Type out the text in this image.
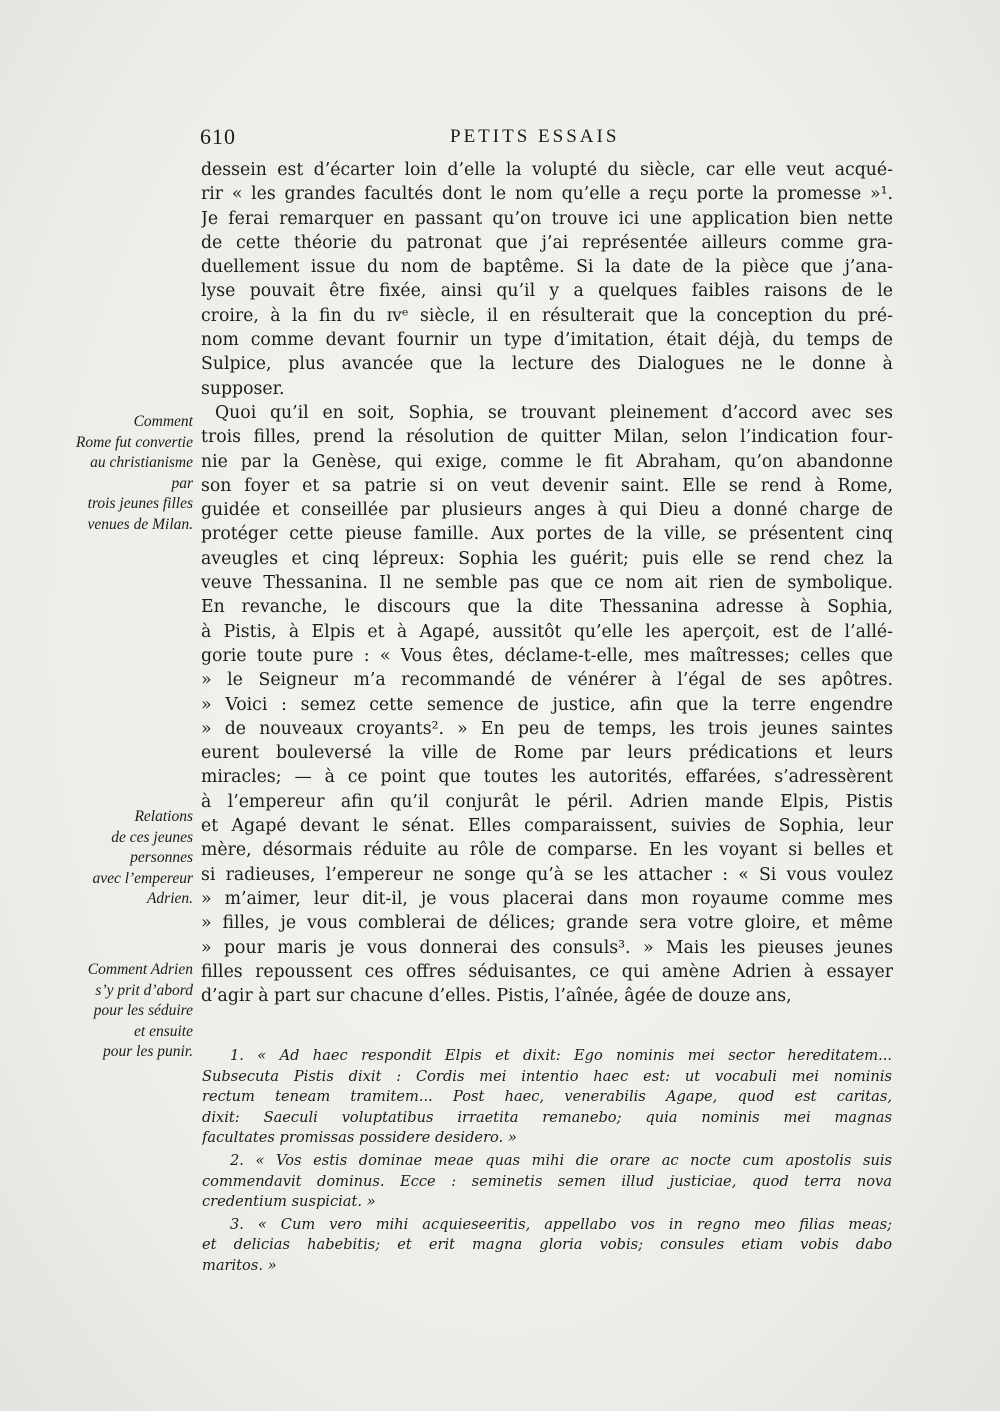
610	PETITS ESSAIS
dessein est d’écarter loin d’elle la volupté du siècle, car elle veut acqué-
rir « les grandes facultés dont le nom qu’elle a reçu porte la promesse »¹.
Je ferai remarquer en passant qu’on trouve ici une application bien nette
de cette théorie du patronat que j’ai représentée ailleurs comme gra-
duellement issue du nom de baptême. Si la date de la pièce que j’ana-
lyse pouvait être fixée, ainsi qu’il y a quelques faibles raisons de le
croire, à la fin du ɪᴠᵉ siècle, il en résulterait que la conception du pré-
nom comme devant fournir un type d’imitation, était déjà, du temps de
Sulpice, plus avancée que la lecture des Dialogues ne le donne à
supposer.
Quoi qu’il en soit, Sophia, se trouvant pleinement d’accord avec ses
trois filles, prend la résolution de quitter Milan, selon l’indication four-
nie par la Genèse, qui exige, comme le fit Abraham, qu’on abandonne
son foyer et sa patrie si on veut devenir saint. Elle se rend à Rome,
guidée et conseillée par plusieurs anges à qui Dieu a donné charge de
protéger cette pieuse famille. Aux portes de la ville, se présentent cinq
aveugles et cinq lépreux: Sophia les guérit; puis elle se rend chez la
veuve Thessanina. Il ne semble pas que ce nom ait rien de symbolique.
En revanche, le discours que la dite Thessanina adresse à Sophia,
à Pistis, à Elpis et à Agapé, aussitôt qu’elle les aperçoit, est de l’allé-
gorie toute pure : « Vous êtes, déclame-t-elle, mes maîtresses; celles que
» le Seigneur m’a recommandé de vénérer à l’égal de ses apôtres.
» Voici : semez cette semence de justice, afin que la terre engendre
» de nouveaux croyants². » En peu de temps, les trois jeunes saintes
eurent bouleversé la ville de Rome par leurs prédications et leurs
miracles; — à ce point que toutes les autorités, effarées, s’adressèrent
à l’empereur afin qu’il conjurât le péril. Adrien mande Elpis, Pistis
et Agapé devant le sénat. Elles comparaissent, suivies de Sophia, leur
mère, désormais réduite au rôle de comparse. En les voyant si belles et
si radieuses, l’empereur ne songe qu’à se les attacher : « Si vous voulez
» m’aimer, leur dit-il, je vous placerai dans mon royaume comme mes
» filles, je vous comblerai de délices; grande sera votre gloire, et même
» pour maris je vous donnerai des consuls³. » Mais les pieuses jeunes
filles repoussent ces offres séduisantes, ce qui amène Adrien à essayer
d’agir à part sur chacune d’elles. Pistis, l’aînée, âgée de douze ans,
Comment
Rome fut convertie
au christianisme
par
trois jeunes filles
venues de Milan.
Relations
de ces jeunes
personnes
avec l’empereur
Adrien.
Comment Adrien
s’y prit d’abord
pour les séduire
et ensuite
pour les punir.	1. « Ad haec respondit Elpis et dixit: Ego nominis mei sector hereditatem...
Subsecuta Pistis dixit : Cordis mei intentio haec est: ut vocabuli mei nominis
rectum teneam tramitem... Post haec, venerabilis Agape, quod est caritas,
dixit: Saeculi voluptatibus irraetita remanebo; quia nominis mei magnas
facultates promissas possidere desidero. »
2. « Vos estis dominae meae quas mihi die orare ac nocte cum apostolis suis
commendavit dominus. Ecce : seminetis semen illud justiciae, quod terra nova
credentium suspiciat. »
3. « Cum vero mihi acquieseeritis, appellabo vos in regno meo filias meas;
et delicias habebitis; et erit magna gloria vobis; consules etiam vobis dabo
maritos. »
